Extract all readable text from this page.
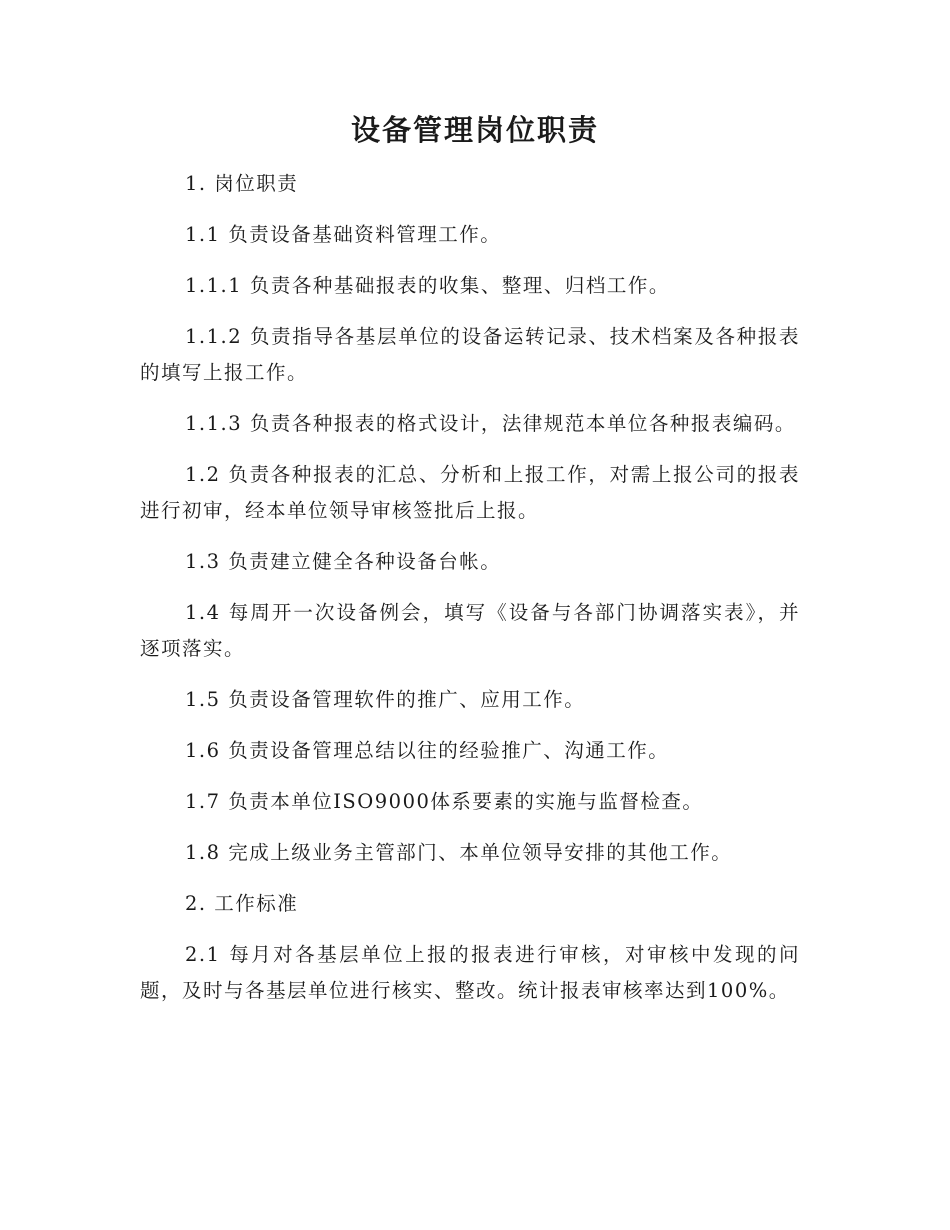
设备管理岗位职责

1. 岗位职责

1.1 负责设备基础资料管理工作。

1.1.1 负责各种基础报表的收集、整理、归档工作。

1.1.2 负责指导各基层单位的设备运转记录、技术档案及各种报表的填写上报工作。

1.1.3 负责各种报表的格式设计，法律规范本单位各种报表编码。

1.2 负责各种报表的汇总、分析和上报工作，对需上报公司的报表进行初审，经本单位领导审核签批后上报。

1.3 负责建立健全各种设备台帐。

1.4 每周开一次设备例会，填写《设备与各部门协调落实表》，并逐项落实。

1.5 负责设备管理软件的推广、应用工作。

1.6 负责设备管理总结以往的经验推广、沟通工作。

1.7 负责本单位ISO9000体系要素的实施与监督检查。

1.8 完成上级业务主管部门、本单位领导安排的其他工作。

2. 工作标准

2.1 每月对各基层单位上报的报表进行审核，对审核中发现的问题，及时与各基层单位进行核实、整改。统计报表审核率达到100%。
